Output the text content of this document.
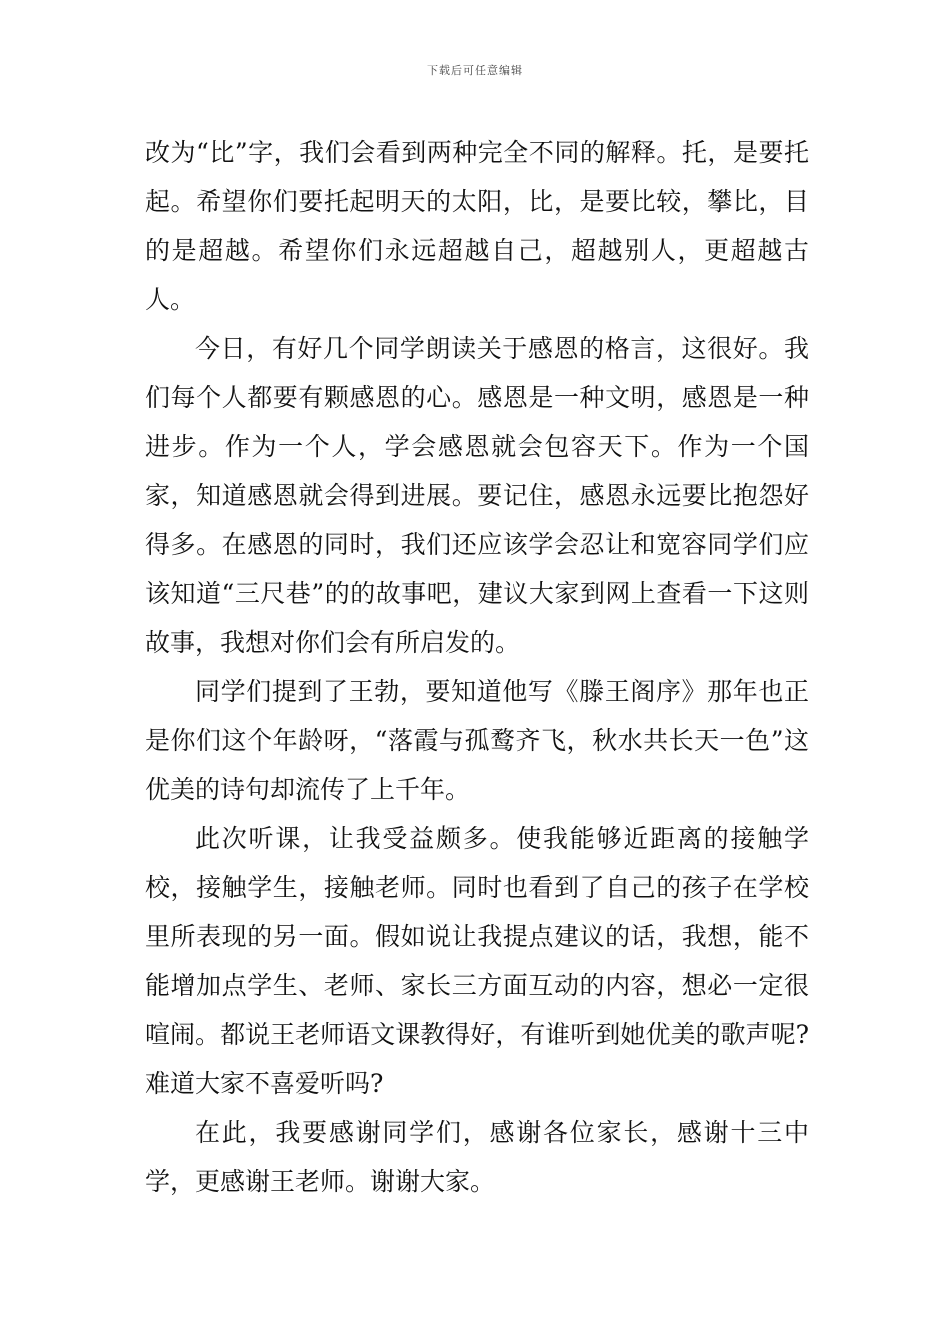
下载后可任意编辑

改为“比”字，我们会看到两种完全不同的解释。托，是要托起。希望你们要托起明天的太阳，比，是要比较，攀比，目的是超越。希望你们永远超越自己，超越别人，更超越古人。

今日，有好几个同学朗读关于感恩的格言，这很好。我们每个人都要有颗感恩的心。感恩是一种文明，感恩是一种进步。作为一个人，学会感恩就会包容天下。作为一个国家，知道感恩就会得到进展。要记住，感恩永远要比抱怨好得多。在感恩的同时，我们还应该学会忍让和宽容同学们应该知道“三尺巷”的的故事吧，建议大家到网上查看一下这则故事，我想对你们会有所启发的。

同学们提到了王勃，要知道他写《滕王阁序》那年也正是你们这个年龄呀，“落霞与孤鹜齐飞，秋水共长天一色”这优美的诗句却流传了上千年。

此次听课，让我受益颇多。使我能够近距离的接触学校，接触学生，接触老师。同时也看到了自己的孩子在学校里所表现的另一面。假如说让我提点建议的话，我想，能不能增加点学生、老师、家长三方面互动的内容，想必一定很喧闹。都说王老师语文课教得好，有谁听到她优美的歌声呢?难道大家不喜爱听吗?

在此，我要感谢同学们，感谢各位家长，感谢十三中学，更感谢王老师。谢谢大家。
